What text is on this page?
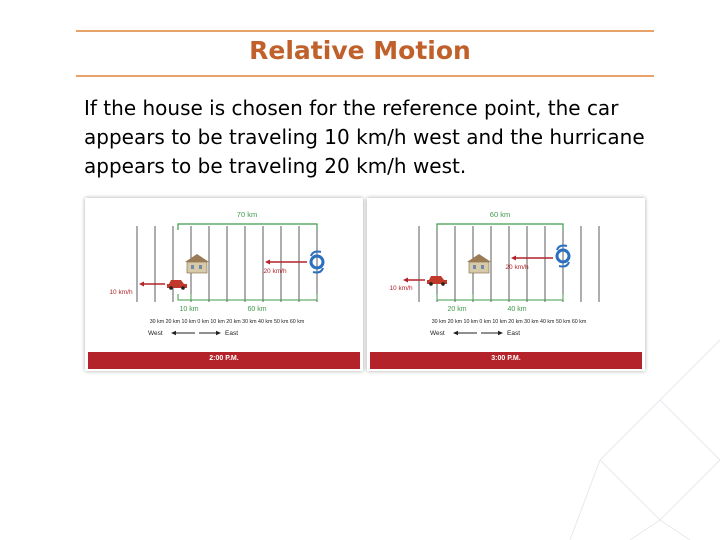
Relative Motion

If the house is chosen for the reference point, the car appears to be traveling 10 km/h west and the hurricane appears to be traveling 20 km/h west.

70 km
10 km/h
20 km/h
10 km	60 km
30 km 20 km 10 km 0 km 10 km 20 km 30 km 40 km 50 km 60 km
West	East
2:00 P.M.
60 km
10 km/h
20 km/h
20 km	40 km
30 km 20 km 10 km 0 km 10 km 20 km 30 km 40 km 50 km 60 km
West	East
3:00 P.M.
